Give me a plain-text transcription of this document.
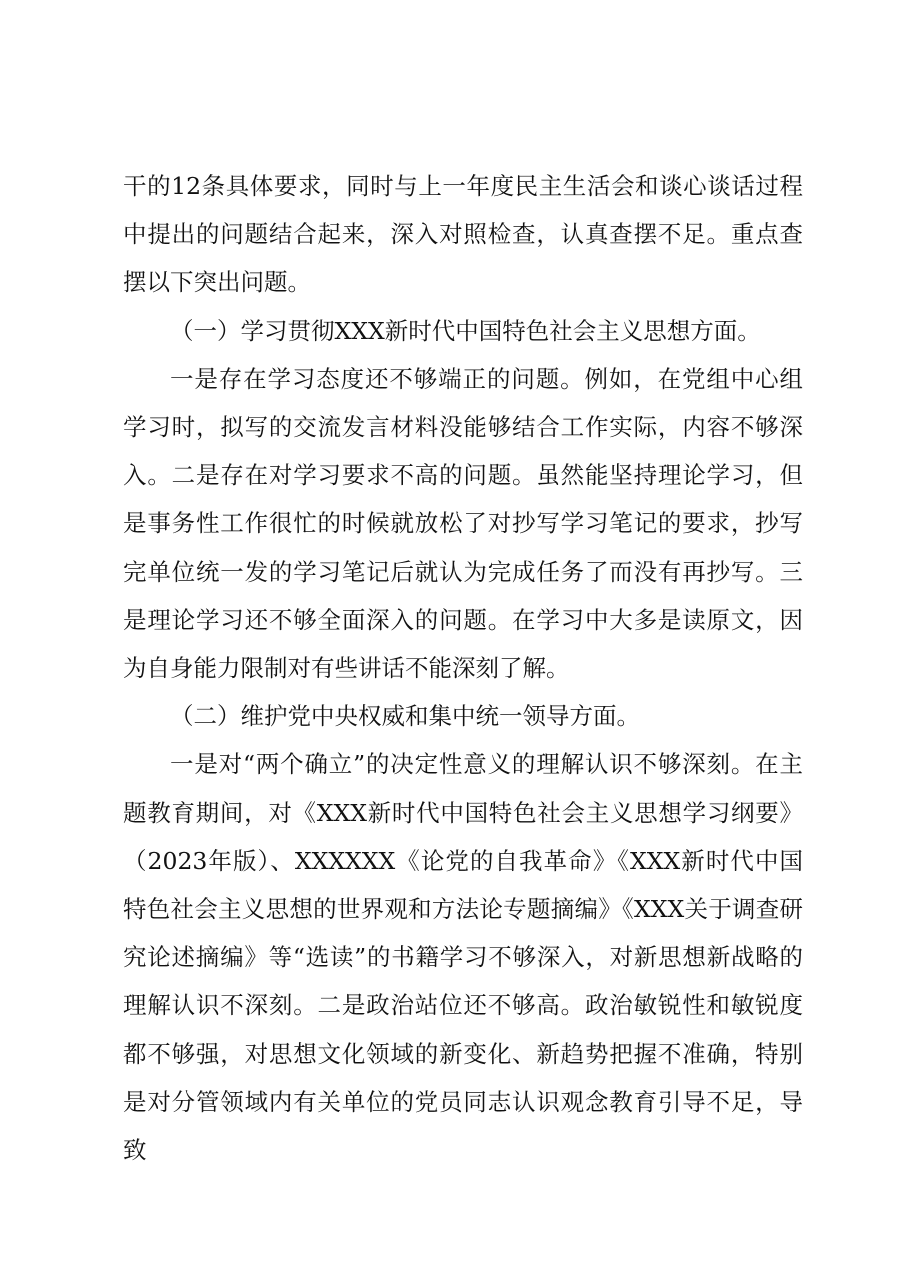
干的12条具体要求，同时与上一年度民主生活会和谈心谈话过程中提出的问题结合起来，深入对照检查，认真查摆不足。重点查摆以下突出问题。

（一）学习贯彻XXX新时代中国特色社会主义思想方面。

一是存在学习态度还不够端正的问题。例如，在党组中心组学习时，拟写的交流发言材料没能够结合工作实际，内容不够深入。二是存在对学习要求不高的问题。虽然能坚持理论学习，但是事务性工作很忙的时候就放松了对抄写学习笔记的要求，抄写完单位统一发的学习笔记后就认为完成任务了而没有再抄写。三是理论学习还不够全面深入的问题。在学习中大多是读原文，因为自身能力限制对有些讲话不能深刻了解。

（二）维护党中央权威和集中统一领导方面。

一是对“两个确立”的决定性意义的理解认识不够深刻。在主题教育期间，对《XXX新时代中国特色社会主义思想学习纲要》（2023年版）、XXXXXX《论党的自我革命》《XXX新时代中国特色社会主义思想的世界观和方法论专题摘编》《XXX关于调查研究论述摘编》等“选读”的书籍学习不够深入，对新思想新战略的理解认识不深刻。二是政治站位还不够高。政治敏锐性和敏锐度都不够强，对思想文化领域的新变化、新趋势把握不准确，特别是对分管领域内有关单位的党员同志认识观念教育引导不足，导致
